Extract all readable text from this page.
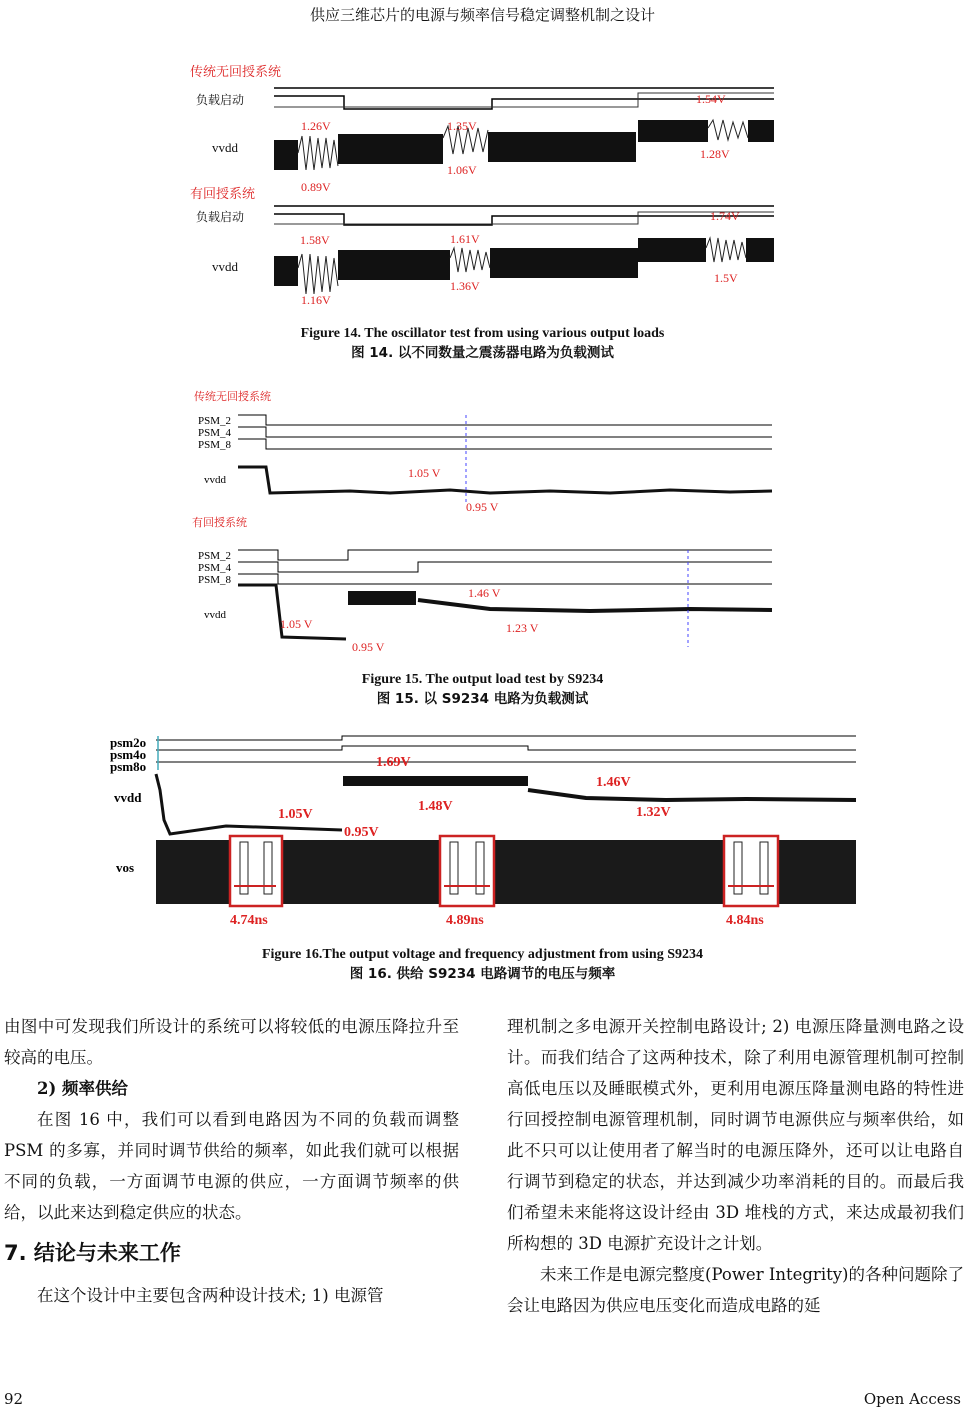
供应三维芯片的电源与频率信号稳定调整机制之设计
传统无回授系统
负载启动
vvdd
1.26V
0.89V
1.35V
1.06V
1.54V
1.28V
有回授系统
负载启动
vvdd
1.58V
1.16V
1.61V
1.36V
1.74V
1.5V
Figure 14. The oscillator test from using various output loads
图 14. 以不同数量之震荡器电路为负载测试
传统无回授系统
PSM_2
PSM_4
PSM_8
vvdd	1.05 V
0.95 V
有回授系统
PSM_2
PSM_4
PSM_8
vvdd
1.05 V
0.95 V
1.46 V
1.23 V
Figure 15. The output load test by S9234
图 15. 以 S9234 电路为负载测试
psm2o
psm4o
psm8o
vvdd
1.69V
1.05V
0.95V
1.48V
1.46V
1.32V
vos
4.74ns	4.89ns	4.84ns
Figure 16.The output voltage and frequency adjustment from using S9234
图 16. 供给 S9234 电路调节的电压与频率

由图中可发现我们所设计的系统可以将较低的电源压降拉升至较高的电压。

2) 频率供给

在图 16 中，我们可以看到电路因为不同的负载而调整 PSM 的多寡，并同时调节供给的频率，如此我们就可以根据不同的负载，一方面调节电源的供应，一方面调节频率的供给，以此来达到稳定供应的状态。

7. 结论与未来工作

在这个设计中主要包含两种设计技术; 1) 电源管

理机制之多电源开关控制电路设计; 2) 电源压降量测电路之设计。而我们结合了这两种技术，除了利用电源管理机制可控制高低电压以及睡眠模式外，更利用电源压降量测电路的特性进行回授控制电源管理机制，同时调节电源供应与频率供给，如此不只可以让使用者了解当时的电源压降外，还可以让电路自行调节到稳定的状态，并达到减少功率消耗的目的。而最后我们希望未来能将这设计经由 3D 堆栈的方式，来达成最初我们所构想的 3D 电源扩充设计之计划。

未来工作是电源完整度(Power Integrity)的各种问题除了会让电路因为供应电压变化而造成电路的延

92	Open Access
